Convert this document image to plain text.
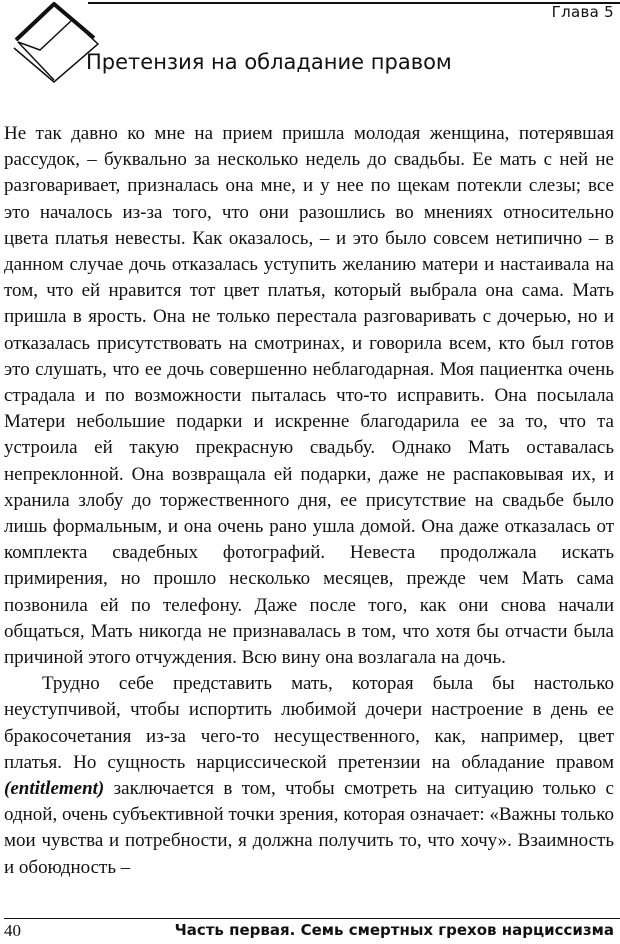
Глава 5
Претензия на обладание правом

Не так давно ко мне на прием пришла молодая женщина, потерявшая рассудок, – буквально за несколько недель до свадьбы. Ее мать с ней не разговаривает, призналась она мне, и у нее по щекам потекли слезы; все это началось из-за того, что они разошлись во мнениях относительно цвета платья невесты. Как оказалось, – и это было совсем нетипично – в данном случае дочь отказалась уступить желанию матери и настаивала на том, что ей нравится тот цвет платья, который выбрала она сама. Мать пришла в ярость. Она не только перестала разговаривать с дочерью, но и отказалась присутствовать на смотринах, и говорила всем, кто был готов это слушать, что ее дочь совершенно неблагодарная. Моя пациентка очень страдала и по возможности пыталась что-то исправить. Она посылала Матери небольшие подарки и искренне благодарила ее за то, что та устроила ей такую прекрасную свадьбу. Однако Мать оставалась непреклонной. Она возвращала ей подарки, даже не распаковывая их, и хранила злобу до торжественного дня, ее присутствие на свадьбе было лишь формальным, и она очень рано ушла домой. Она даже отказалась от комплекта свадебных фотографий. Невеста продолжала искать примирения, но прошло несколько месяцев, прежде чем Мать сама позвонила ей по телефону. Даже после того, как они снова начали общаться, Мать никогда не признавалась в том, что хотя бы отчасти была причиной этого отчуждения. Всю вину она возлагала на дочь.

Трудно себе представить мать, которая была бы настолько неуступчивой, чтобы испортить любимой дочери настроение в день ее бракосочетания из-за чего-то несущественного, как, например, цвет платья. Но сущность нарциссической претензии на обладание правом (entitlement) заключается в том, чтобы смотреть на ситуацию только с одной, очень субъективной точки зрения, которая означает: «Важны только мои чувства и потребности, я должна получить то, что хочу». Взаимность и обоюдность –

40	Часть первая. Семь смертных грехов нарциссизма
